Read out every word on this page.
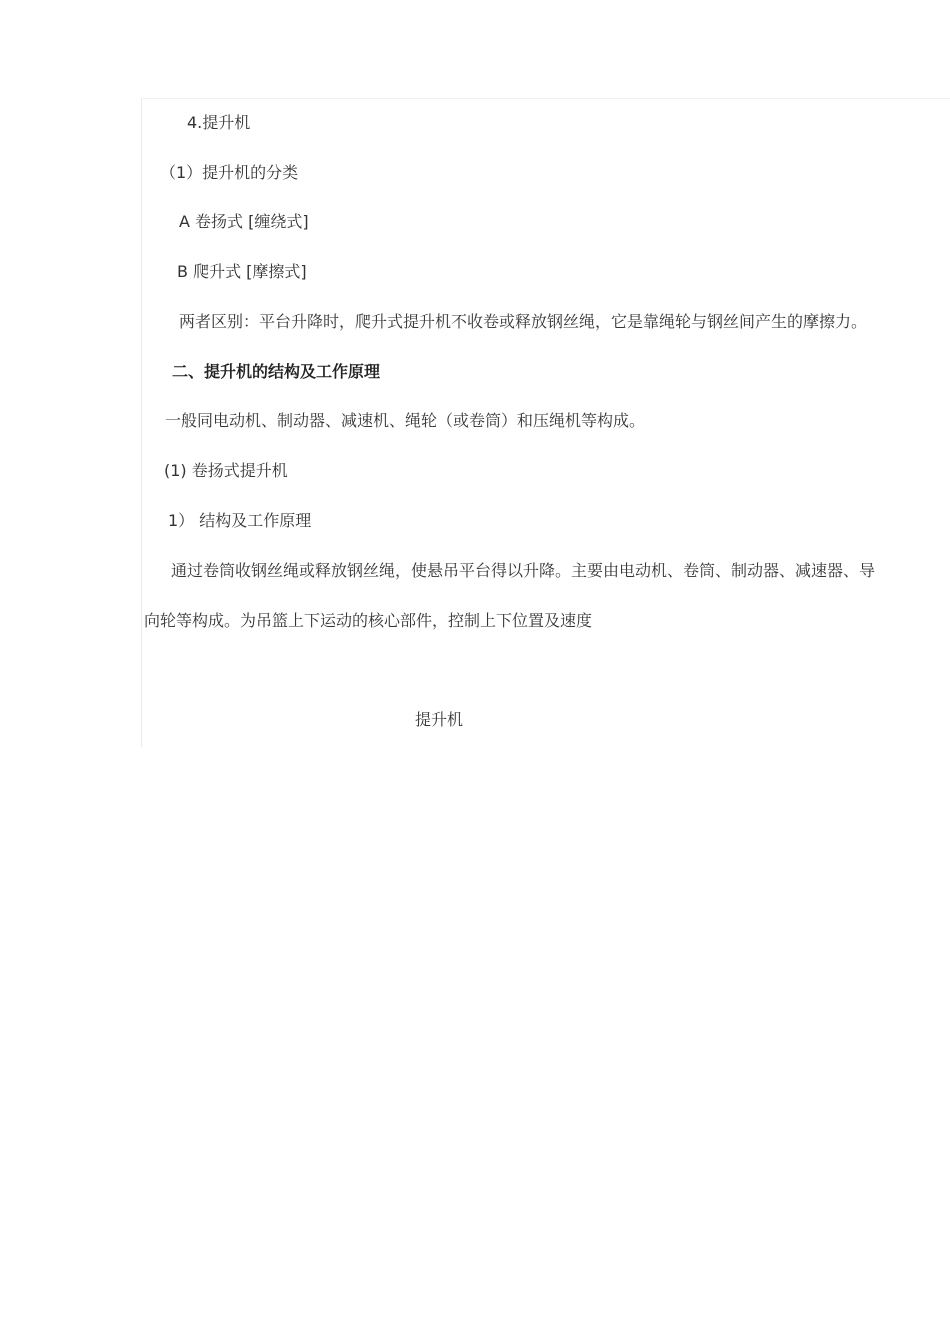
4.提升机
（1）提升机的分类
A 卷扬式 [缠绕式]
B 爬升式 [摩擦式]
两者区别：平台升降时，爬升式提升机不收卷或释放钢丝绳，它是靠绳轮与钢丝间产生的摩擦力。
二、提升机的结构及工作原理
一般同电动机、制动器、减速机、绳轮（或卷筒）和压绳机等构成。
(1) 卷扬式提升机
1） 结构及工作原理
通过卷筒收钢丝绳或释放钢丝绳，使悬吊平台得以升降。主要由电动机、卷筒、制动器、减速器、导
向轮等构成。为吊篮上下运动的核心部件，控制上下位置及速度
提升机
